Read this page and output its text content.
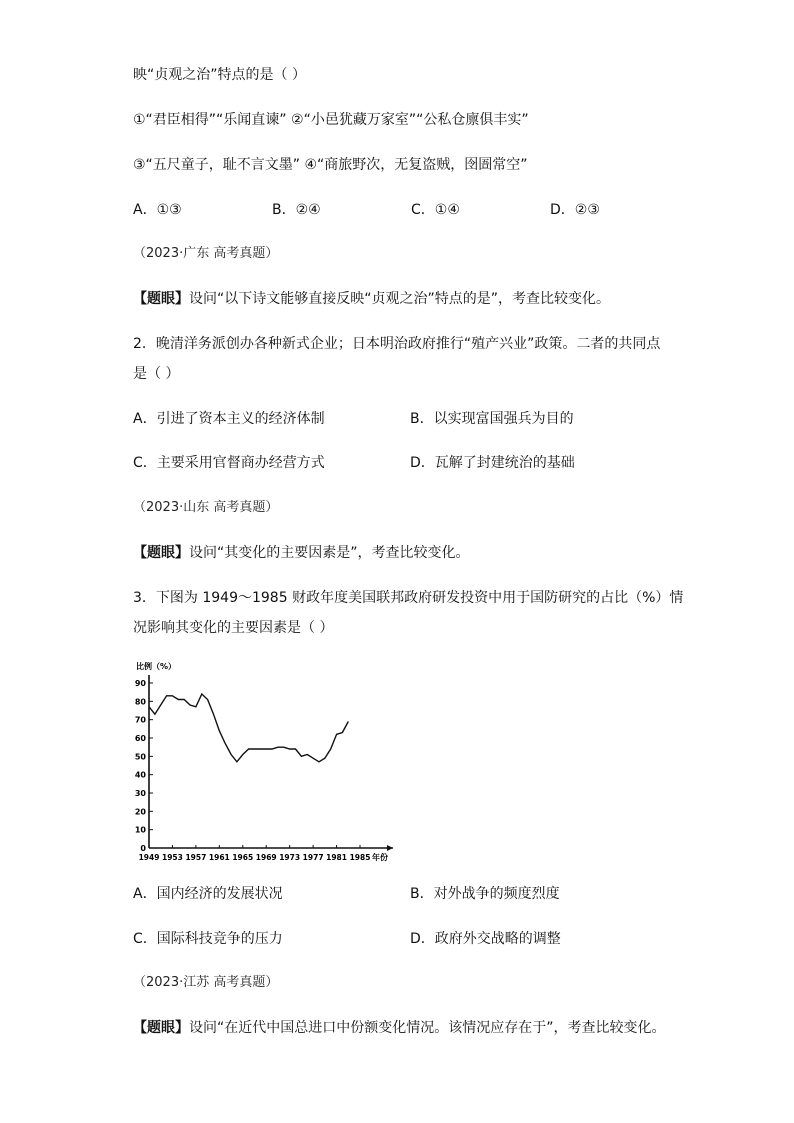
映“贞观之治”特点的是（ ）
①“君臣相得”“乐闻直谏” ②“小邑犹藏万家室”“公私仓廪俱丰实”
③“五尺童子，耻不言文墨” ④“商旅野次，无复盗贼，囹圄常空”
A．①③	B．②④	C．①④	D．②③
（2023·广东 高考真题）
【题眼】设问“以下诗文能够直接反映“贞观之治”特点的是”，考查比较变化。
2．晚清洋务派创办各种新式企业；日本明治政府推行“殖产兴业”政策。二者的共同点
是（ ）
A．引进了资本主义的经济体制	B．以实现富国强兵为目的
C．主要采用官督商办经营方式	D．瓦解了封建统治的基础
（2023·山东 高考真题）
【题眼】设问“其变化的主要因素是”，考查比较变化。
3．下图为 1949～1985 财政年度美国联邦政府研发投资中用于国防研究的占比（%）情
况影响其变化的主要因素是（ ）
比例（%）
0
10
20
30
40
50
60
70
80
90
1949 1953 1957 1961 1965 1969 1973 1977 1981 1985 年份
A．国内经济的发展状况	B．对外战争的频度烈度
C．国际科技竞争的压力	D．政府外交战略的调整
（2023·江苏 高考真题）
【题眼】设问“在近代中国总进口中份额变化情况。该情况应存在于”，考查比较变化。
